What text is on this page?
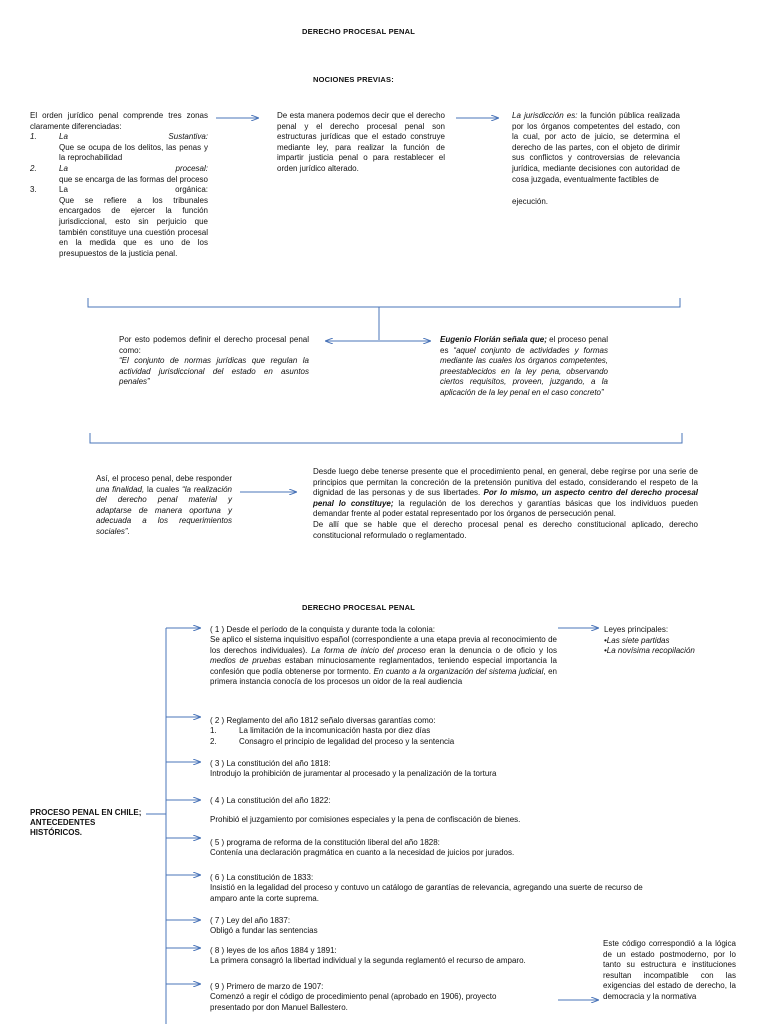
DERECHO PROCESAL PENAL
NOCIONES PREVIAS:
El orden jurídico penal comprende tres zonas claramente diferenciadas:
1.	La	Sustantiva:
Que se ocupa de los delitos, las penas y la reprochabilidad
2.	La	procesal:
que se encarga de las formas del proceso
3.	La	orgánica:
Que se refiere a los tribunales encargados de ejercer la función jurisdiccional, esto sin perjuicio que también constituye una cuestión procesal en la medida que es uno de los presupuestos de la justicia penal.
De esta manera podemos decir que el derecho penal y el derecho procesal penal son estructuras jurídicas que el estado construye mediante ley, para realizar la función de impartir justicia penal o para restablecer el orden jurídico alterado.
La jurisdicción es: la función pública realizada por los órganos competentes del estado, con la cual, por acto de juicio, se determina el derecho de las partes, con el objeto de dirimir sus conflictos y controversias de relevancia jurídica, mediante decisiones con autoridad de cosa juzgada, eventualmente factibles de
ejecución.
Por esto podemos definir el derecho procesal penal como:
“El conjunto de normas jurídicas que regulan la actividad jurisdiccional del estado en asuntos penales”
Eugenio Florián señala que; el proceso penal es “aquel conjunto de actividades y formas mediante las cuales los órganos competentes, preestablecidos en la ley pena, observando ciertos requisitos, proveen, juzgando, a la aplicación de la ley penal en el caso concreto”
Así, el proceso penal, debe responder una finalidad, la cuales “la realización del derecho penal material y adaptarse de manera oportuna y adecuada a los requerimientos sociales”.
Desde luego debe tenerse presente que el procedimiento penal, en general, debe regirse por una serie de principios que permitan la concreción de la pretensión punitiva del estado, considerando el respeto de la dignidad de las personas y de sus libertades. Por lo mismo, un aspecto centro del derecho procesal penal lo constituye; la regulación de los derechos y garantías básicas que los individuos pueden demandar frente al poder estatal representado por los órganos de persecución penal.
De allí que se hable que el derecho procesal penal es derecho constitucional aplicado, derecho constitucional reformulado o reglamentado.
DERECHO PROCESAL PENAL
PROCESO PENAL EN CHILE; ANTECEDENTES HISTÓRICOS.
Leyes principales:
•Las siete partidas
•La novísima recopilación
( 1 ) Desde el período de la conquista y durante toda la colonia:
Se aplico el sistema inquisitivo español (correspondiente a una etapa previa al reconocimiento de los derechos individuales). La forma de inicio del proceso eran la denuncia o de oficio y los medios de pruebas estaban minuciosamente reglamentados, teniendo especial importancia la confesión que podía obtenerse por tormento. En cuanto a la organización del sistema judicial, en primera instancia conocía de los procesos un oidor de la real audiencia
( 2 ) Reglamento del año 1812 señalo diversas garantías como:
1.	La limitación de la incomunicación hasta por diez días
2.	Consagro el principio de legalidad del proceso y la sentencia
( 3 ) La constitución del año 1818:
Introdujo la prohibición de juramentar al procesado y la penalización de la tortura
( 4 ) La constitución del año 1822:
Prohibió el juzgamiento por comisiones especiales y la pena de confiscación de bienes.
( 5 ) programa de reforma de la constitución liberal del año 1828:
Contenía una declaración pragmática en cuanto a la necesidad de juicios por jurados.
( 6 ) La constitución de 1833:
Insistió en la legalidad del proceso y contuvo un catálogo de garantías de relevancia, agregando una suerte de recurso de amparo ante la corte suprema.
( 7 ) Ley del año 1837:
Obligó a fundar las sentencias
( 8 ) leyes de los años 1884 y 1891:
La primera consagró la libertad individual y la segunda reglamentó el recurso de amparo.
( 9 ) Primero de marzo de 1907:
Comenzó a regir el código de procedimiento penal (aprobado en 1906), proyecto presentado por don Manuel Ballestero.
Este código correspondió a la lógica de un estado postmoderno, por lo tanto su estructura e instituciones resultan incompatible con las exigencias del estado de derecho, la democracia y la normativa
